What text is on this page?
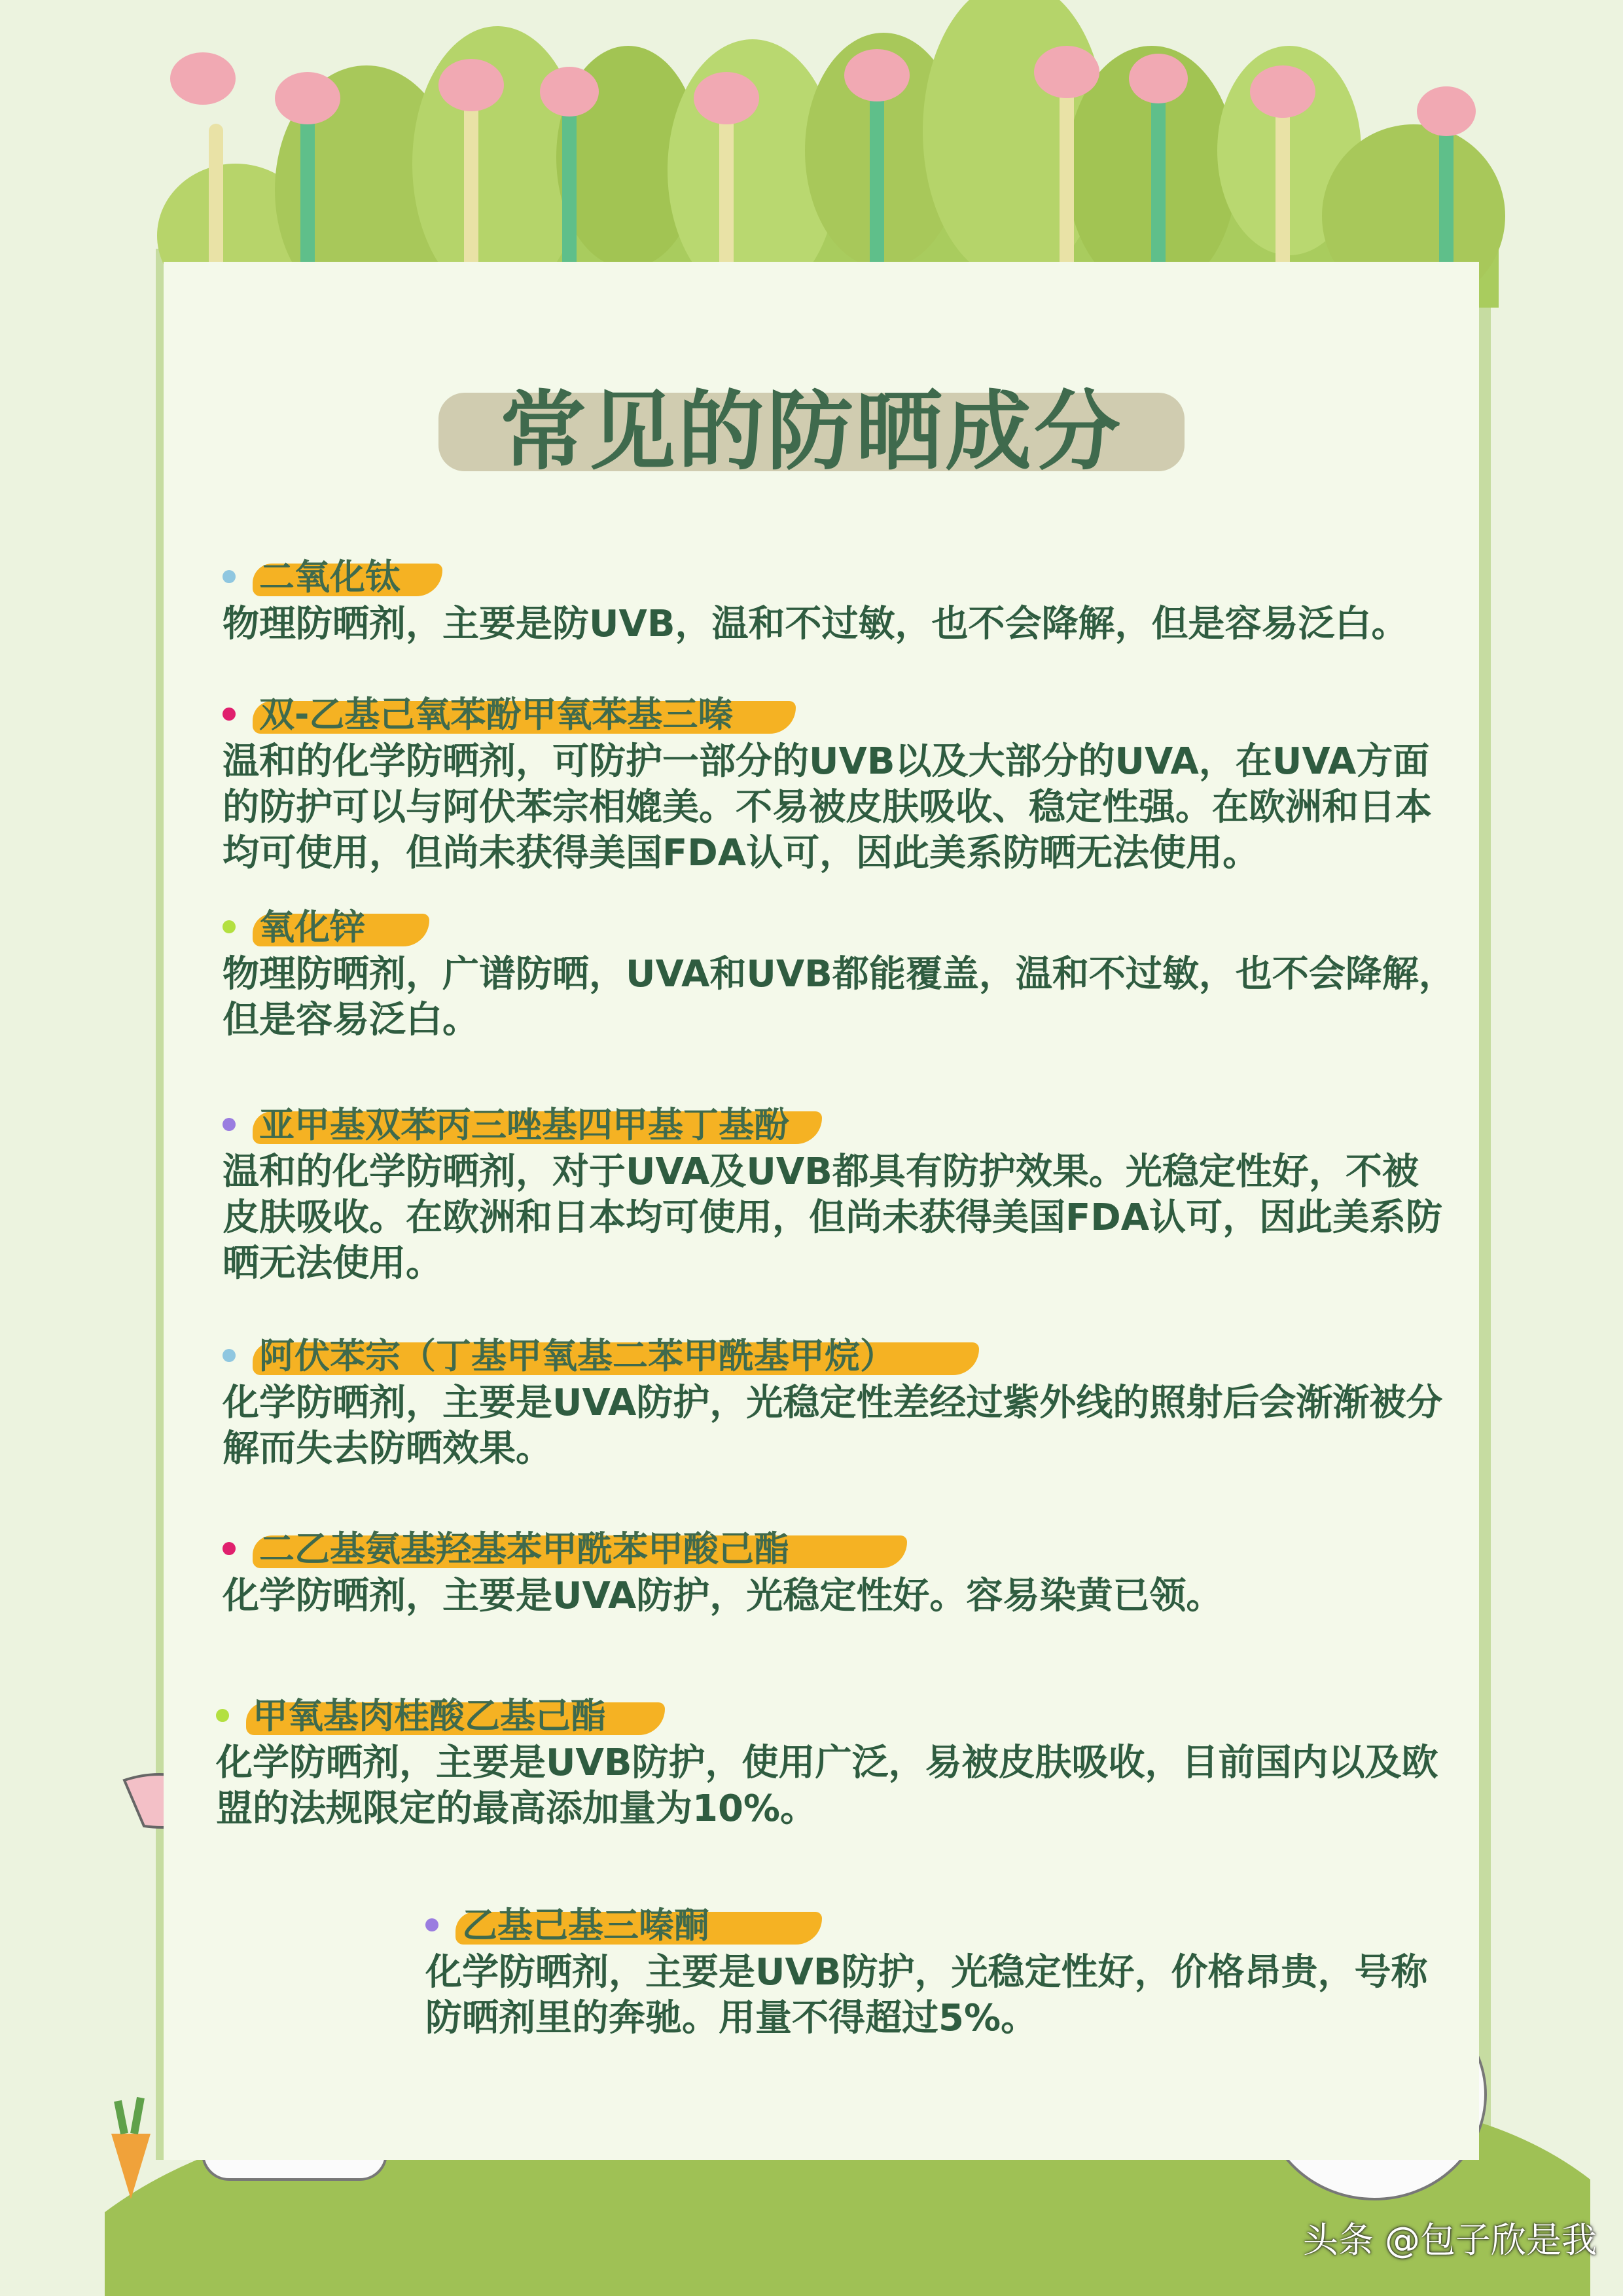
常见的防晒成分
二氧化钛

物理防晒剂，主要是防UVB，温和不过敏，也不会降解，但是容易泛白。

双-乙基己氧苯酚甲氧苯基三嗪

温和的化学防晒剂，可防护一部分的UVB以及大部分的UVA，在UVA方面的防护可以与阿伏苯宗相媲美。不易被皮肤吸收、稳定性强。在欧洲和日本均可使用，但尚未获得美国FDA认可，因此美系防晒无法使用。

氧化锌

物理防晒剂，广谱防晒，UVA和UVB都能覆盖，温和不过敏，也不会降解，但是容易泛白。

亚甲基双苯丙三唑基四甲基丁基酚

温和的化学防晒剂，对于UVA及UVB都具有防护效果。光稳定性好，不被皮肤吸收。在欧洲和日本均可使用，但尚未获得美国FDA认可，因此美系防晒无法使用。

阿伏苯宗（丁基甲氧基二苯甲酰基甲烷）

化学防晒剂，主要是UVA防护，光稳定性差经过紫外线的照射后会渐渐被分解而失去防晒效果。

二乙基氨基羟基苯甲酰苯甲酸己酯

化学防晒剂，主要是UVA防护，光稳定性好。容易染黄已领。

甲氧基肉桂酸乙基己酯

化学防晒剂，主要是UVB防护，使用广泛，易被皮肤吸收，目前国内以及欧盟的法规限定的最高添加量为10%。

乙基己基三嗪酮

化学防晒剂，主要是UVB防护，光稳定性好，价格昂贵，号称防晒剂里的奔驰。用量不得超过5%。

头条 @包子欣是我
